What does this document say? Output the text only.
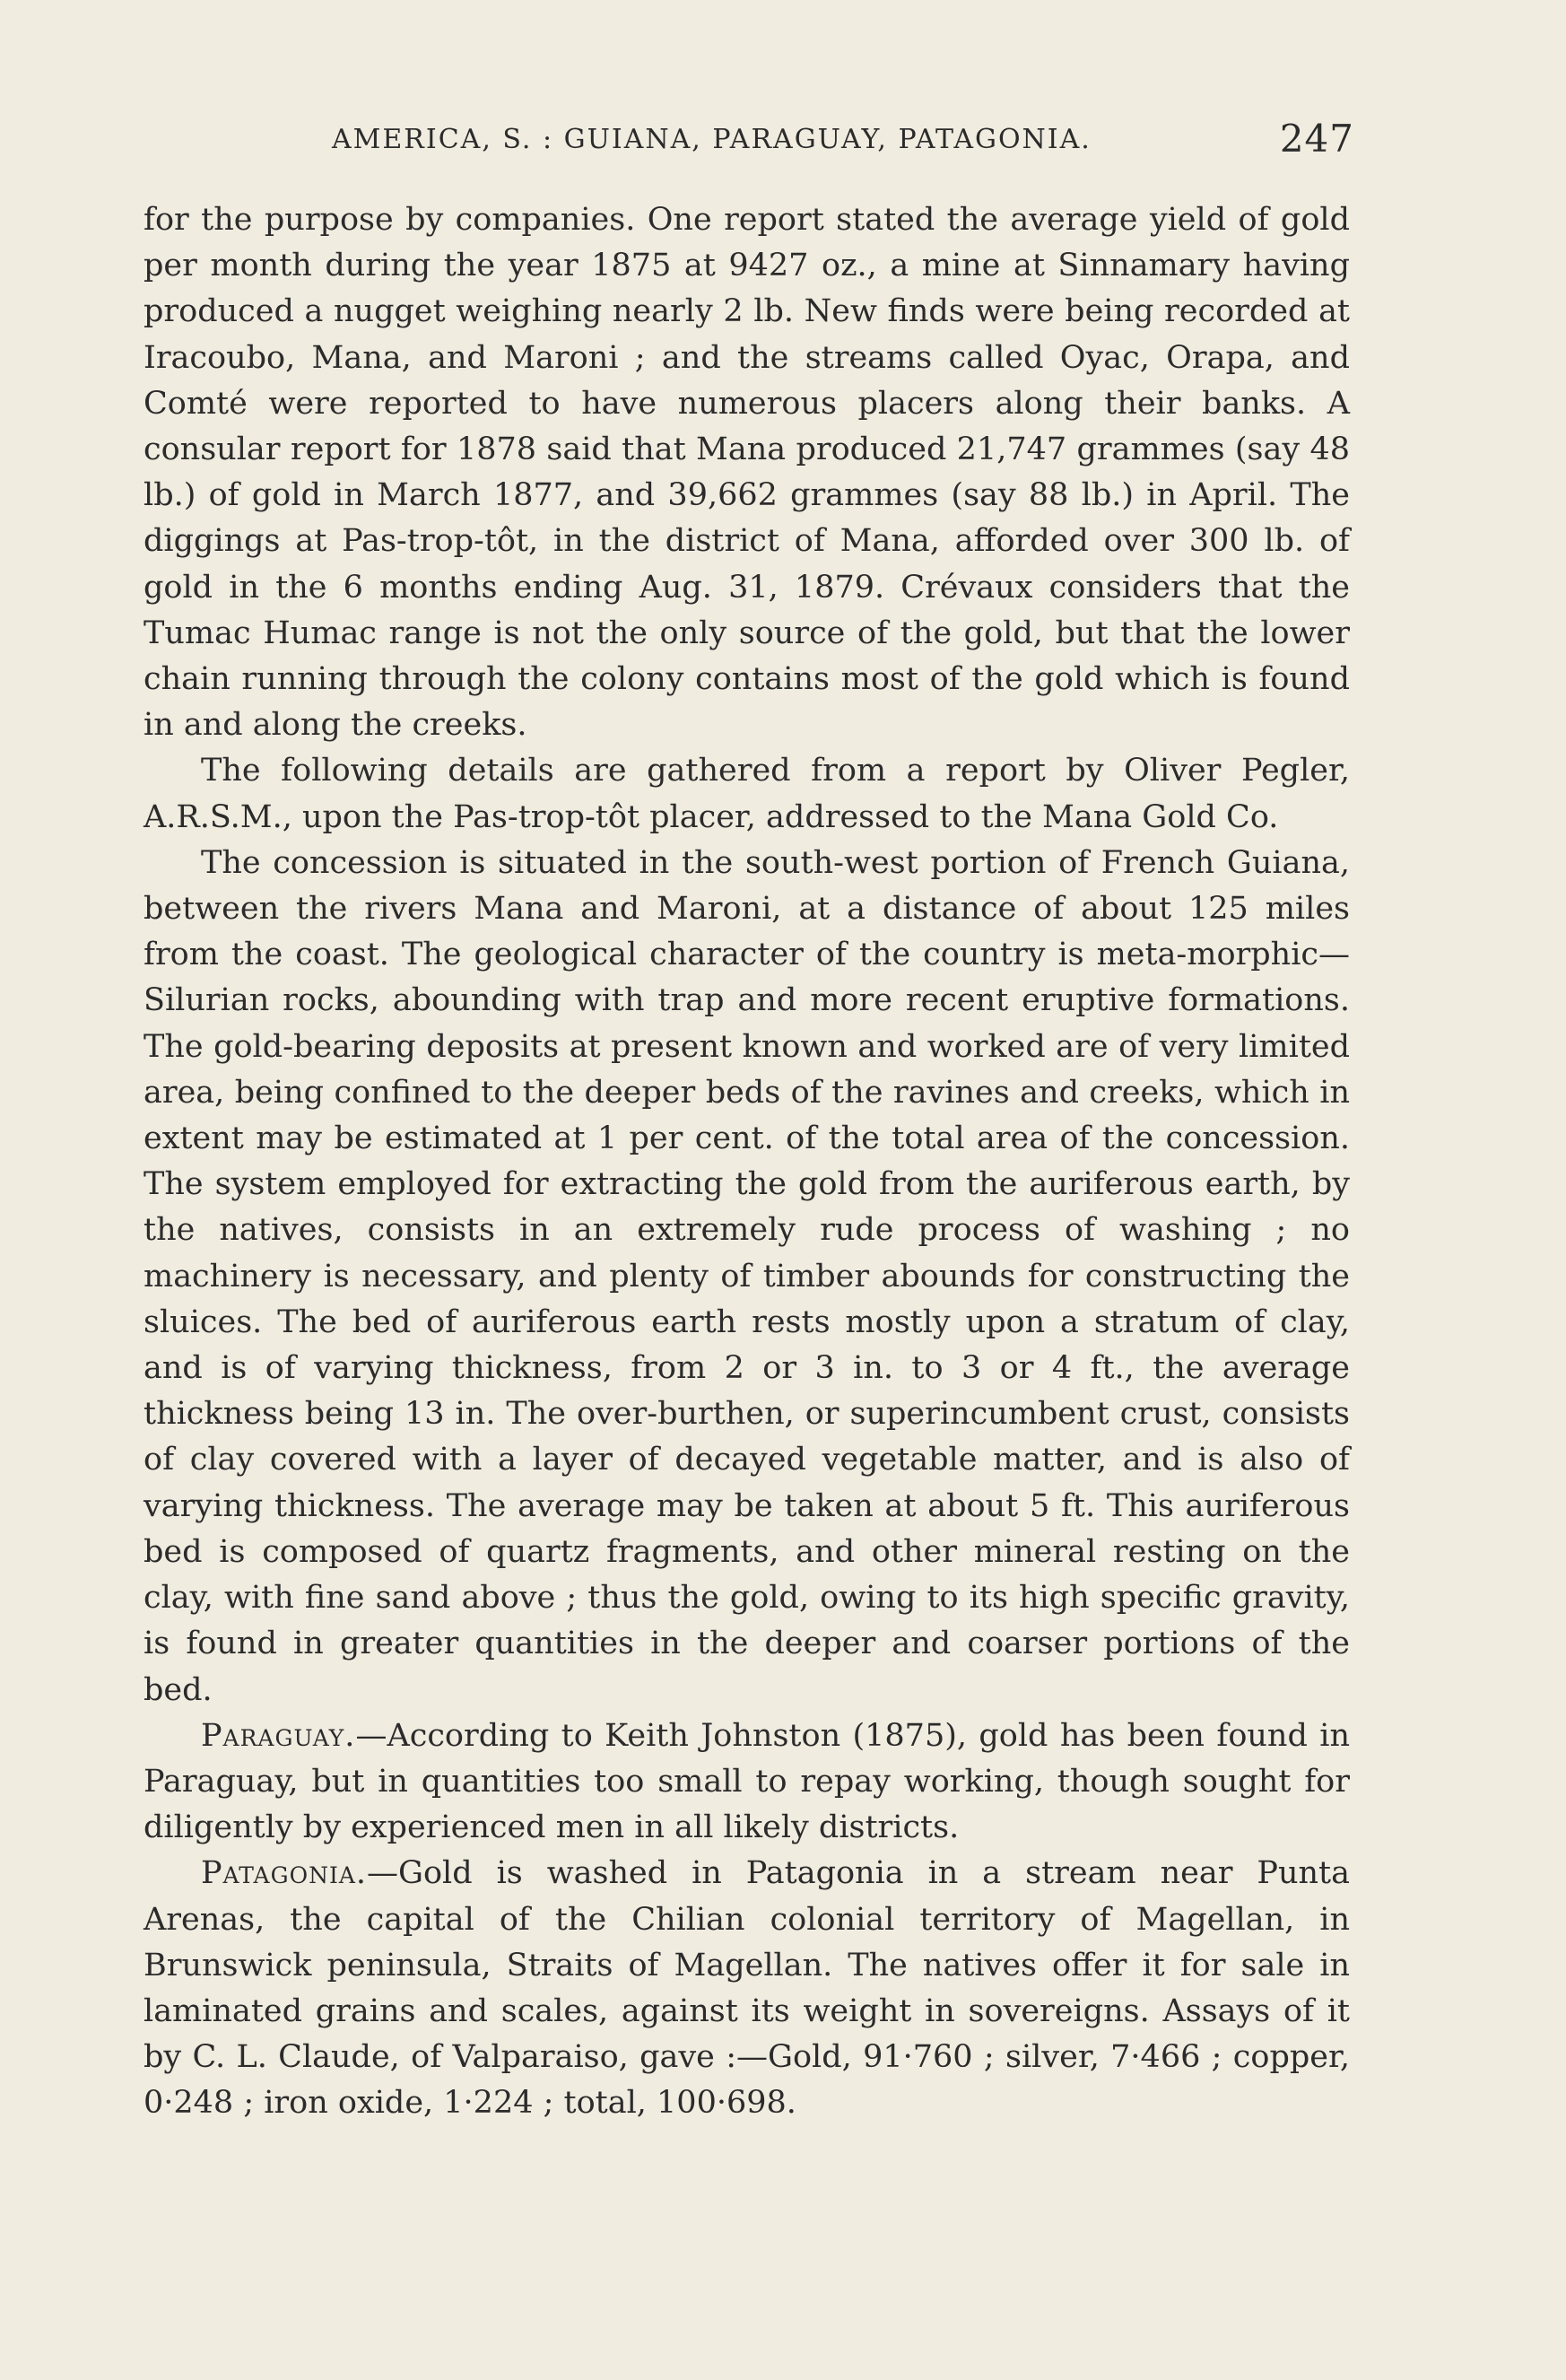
AMERICA, S. : GUIANA, PARAGUAY, PATAGONIA.	247

for the purpose by companies. One report stated the average yield of gold per month during the year 1875 at 9427 oz., a mine at Sinnamary having produced a nugget weighing nearly 2 lb. New finds were being recorded at Iracoubo, Mana, and Maroni ; and the streams called Oyac, Orapa, and Comté were reported to have numerous placers along their banks. A consular report for 1878 said that Mana produced 21,747 grammes (say 48 lb.) of gold in March 1877, and 39,662 grammes (say 88 lb.) in April. The diggings at Pas-trop-tôt, in the district of Mana, afforded over 300 lb. of gold in the 6 months ending Aug. 31, 1879. Crévaux considers that the Tumac Humac range is not the only source of the gold, but that the lower chain running through the colony contains most of the gold which is found in and along the creeks.

The following details are gathered from a report by Oliver Pegler, A.R.S.M., upon the Pas-trop-tôt placer, addressed to the Mana Gold Co.

The concession is situated in the south-west portion of French Guiana, between the rivers Mana and Maroni, at a distance of about 125 miles from the coast. The geological character of the country is meta-morphic—Silurian rocks, abounding with trap and more recent eruptive formations. The gold-bearing deposits at present known and worked are of very limited area, being confined to the deeper beds of the ravines and creeks, which in extent may be estimated at 1 per cent. of the total area of the concession. The system employed for extracting the gold from the auriferous earth, by the natives, consists in an extremely rude process of washing ; no machinery is necessary, and plenty of timber abounds for constructing the sluices. The bed of auriferous earth rests mostly upon a stratum of clay, and is of varying thickness, from 2 or 3 in. to 3 or 4 ft., the average thickness being 13 in. The over-burthen, or superincumbent crust, consists of clay covered with a layer of decayed vegetable matter, and is also of varying thickness. The average may be taken at about 5 ft. This auriferous bed is composed of quartz fragments, and other mineral resting on the clay, with fine sand above ; thus the gold, owing to its high specific gravity, is found in greater quantities in the deeper and coarser portions of the bed.

Paraguay.—According to Keith Johnston (1875), gold has been found in Paraguay, but in quantities too small to repay working, though sought for diligently by experienced men in all likely districts.

Patagonia.—Gold is washed in Patagonia in a stream near Punta Arenas, the capital of the Chilian colonial territory of Magellan, in Brunswick peninsula, Straits of Magellan. The natives offer it for sale in laminated grains and scales, against its weight in sovereigns. Assays of it by C. L. Claude, of Valparaiso, gave :—Gold, 91·760 ; silver, 7·466 ; copper, 0·248 ; iron oxide, 1·224 ; total, 100·698.
